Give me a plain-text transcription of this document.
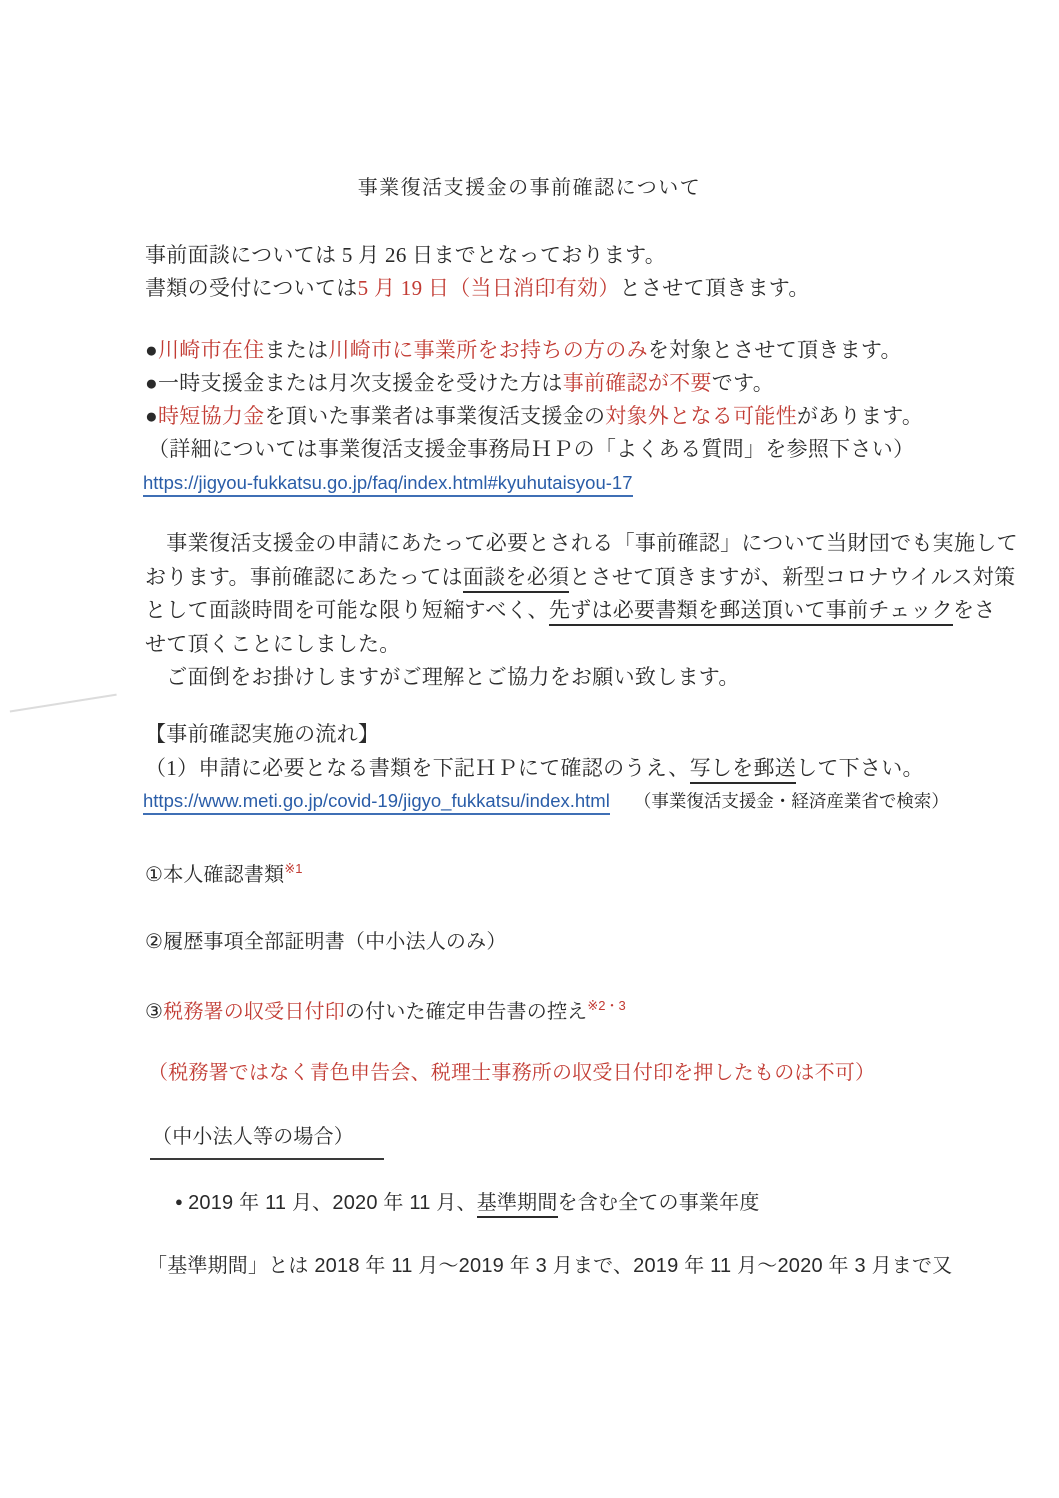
事業復活支援金の事前確認について
事前面談については 5 月 26 日までとなっております。
書類の受付については5 月 19 日（当日消印有効）とさせて頂きます。
●川崎市在住または川崎市に事業所をお持ちの方のみを対象とさせて頂きます。
●一時支援金または月次支援金を受けた方は事前確認が不要です。
●時短協力金を頂いた事業者は事業復活支援金の対象外となる可能性があります。
（詳細については事業復活支援金事務局ＨＰの「よくある質問」を参照下さい）
https://jigyou-fukkatsu.go.jp/faq/index.html#kyuhutaisyou-17
　事業復活支援金の申請にあたって必要とされる「事前確認」について当財団でも実施して
おります。事前確認にあたっては面談を必須とさせて頂きますが、新型コロナウイルス対策
として面談時間を可能な限り短縮すべく、先ずは必要書類を郵送頂いて事前チェックをさ
せて頂くことにしました。
　ご面倒をお掛けしますがご理解とご協力をお願い致します。
【事前確認実施の流れ】
（1）申請に必要となる書類を下記ＨＰにて確認のうえ、写しを郵送して下さい。
https://www.meti.go.jp/covid-19/jigyo_fukkatsu/index.html （事業復活支援金・経済産業省で検索）
①本人確認書類$^{※1}$
②履歴事項全部証明書（中小法人のみ）
③税務署の収受日付印の付いた確定申告書の控え$^{※2・3}$
（税務署ではなく青色申告会、税理士事務所の収受日付印を押したものは不可）
（中小法人等の場合）
● 2019 年 11 月、2020 年 11 月、基準期間を含む全ての事業年度
「基準期間」とは 2018 年 11 月～2019 年 3 月まで、2019 年 11 月～2020 年 3 月まで又
